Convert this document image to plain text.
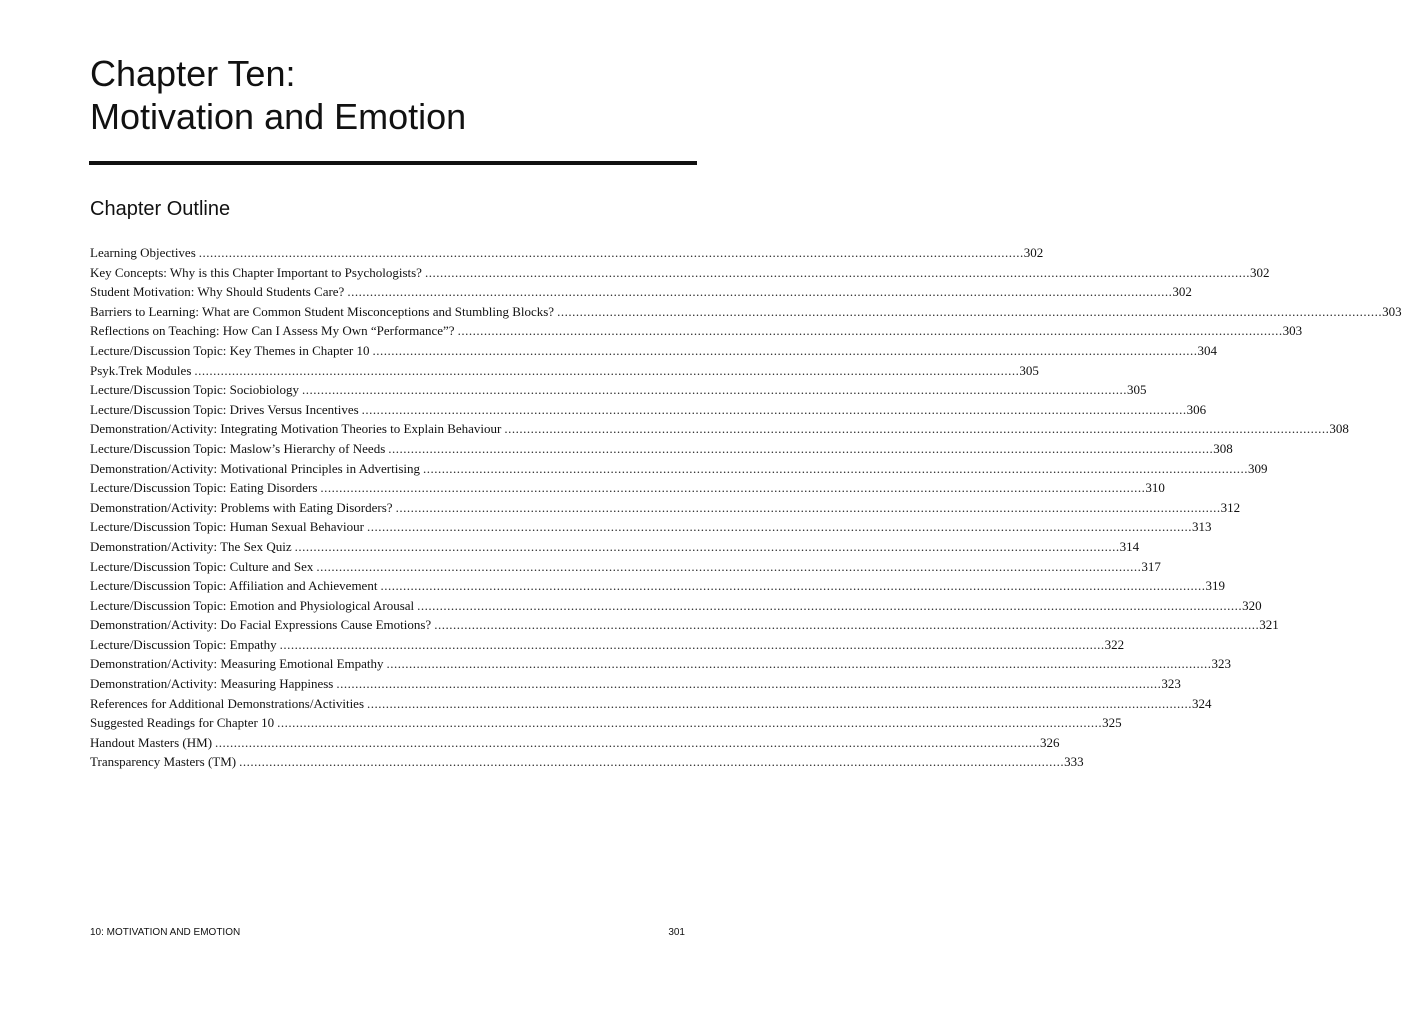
Chapter Ten:
Motivation and Emotion
Chapter Outline
Learning Objectives ............................................................................................................................................................................................................................ 302
Key Concepts: Why is this Chapter Important to Psychologists? ............................................................................................................................................................................................................................ 302
Student Motivation: Why Should Students Care? ............................................................................................................................................................................................................................ 302
Barriers to Learning: What are Common Student Misconceptions and Stumbling Blocks? ............................................................................................................................................................................................................................ 303
Reflections on Teaching: How Can I Assess My Own “Performance”? ............................................................................................................................................................................................................................ 303
Lecture/Discussion Topic: Key Themes in Chapter 10 ............................................................................................................................................................................................................................ 304
Psyk.Trek Modules ............................................................................................................................................................................................................................ 305
Lecture/Discussion Topic: Sociobiology ............................................................................................................................................................................................................................ 305
Lecture/Discussion Topic: Drives Versus Incentives ............................................................................................................................................................................................................................ 306
Demonstration/Activity: Integrating Motivation Theories to Explain Behaviour ............................................................................................................................................................................................................................ 308
Lecture/Discussion Topic: Maslow’s Hierarchy of Needs ............................................................................................................................................................................................................................ 308
Demonstration/Activity: Motivational Principles in Advertising ............................................................................................................................................................................................................................ 309
Lecture/Discussion Topic: Eating Disorders ............................................................................................................................................................................................................................ 310
Demonstration/Activity: Problems with Eating Disorders? ............................................................................................................................................................................................................................ 312
Lecture/Discussion Topic: Human Sexual Behaviour ............................................................................................................................................................................................................................ 313
Demonstration/Activity: The Sex Quiz ............................................................................................................................................................................................................................ 314
Lecture/Discussion Topic: Culture and Sex ............................................................................................................................................................................................................................ 317
Lecture/Discussion Topic: Affiliation and Achievement ............................................................................................................................................................................................................................ 319
Lecture/Discussion Topic: Emotion and Physiological Arousal ............................................................................................................................................................................................................................ 320
Demonstration/Activity: Do Facial Expressions Cause Emotions? ............................................................................................................................................................................................................................ 321
Lecture/Discussion Topic: Empathy ............................................................................................................................................................................................................................ 322
Demonstration/Activity: Measuring Emotional Empathy ............................................................................................................................................................................................................................ 323
Demonstration/Activity: Measuring Happiness ............................................................................................................................................................................................................................ 323
References for Additional Demonstrations/Activities ............................................................................................................................................................................................................................ 324
Suggested Readings for Chapter 10 ............................................................................................................................................................................................................................ 325
Handout Masters (HM) ............................................................................................................................................................................................................................ 326
Transparency Masters (TM) ............................................................................................................................................................................................................................ 333
10: MOTIVATION AND EMOTION	301
